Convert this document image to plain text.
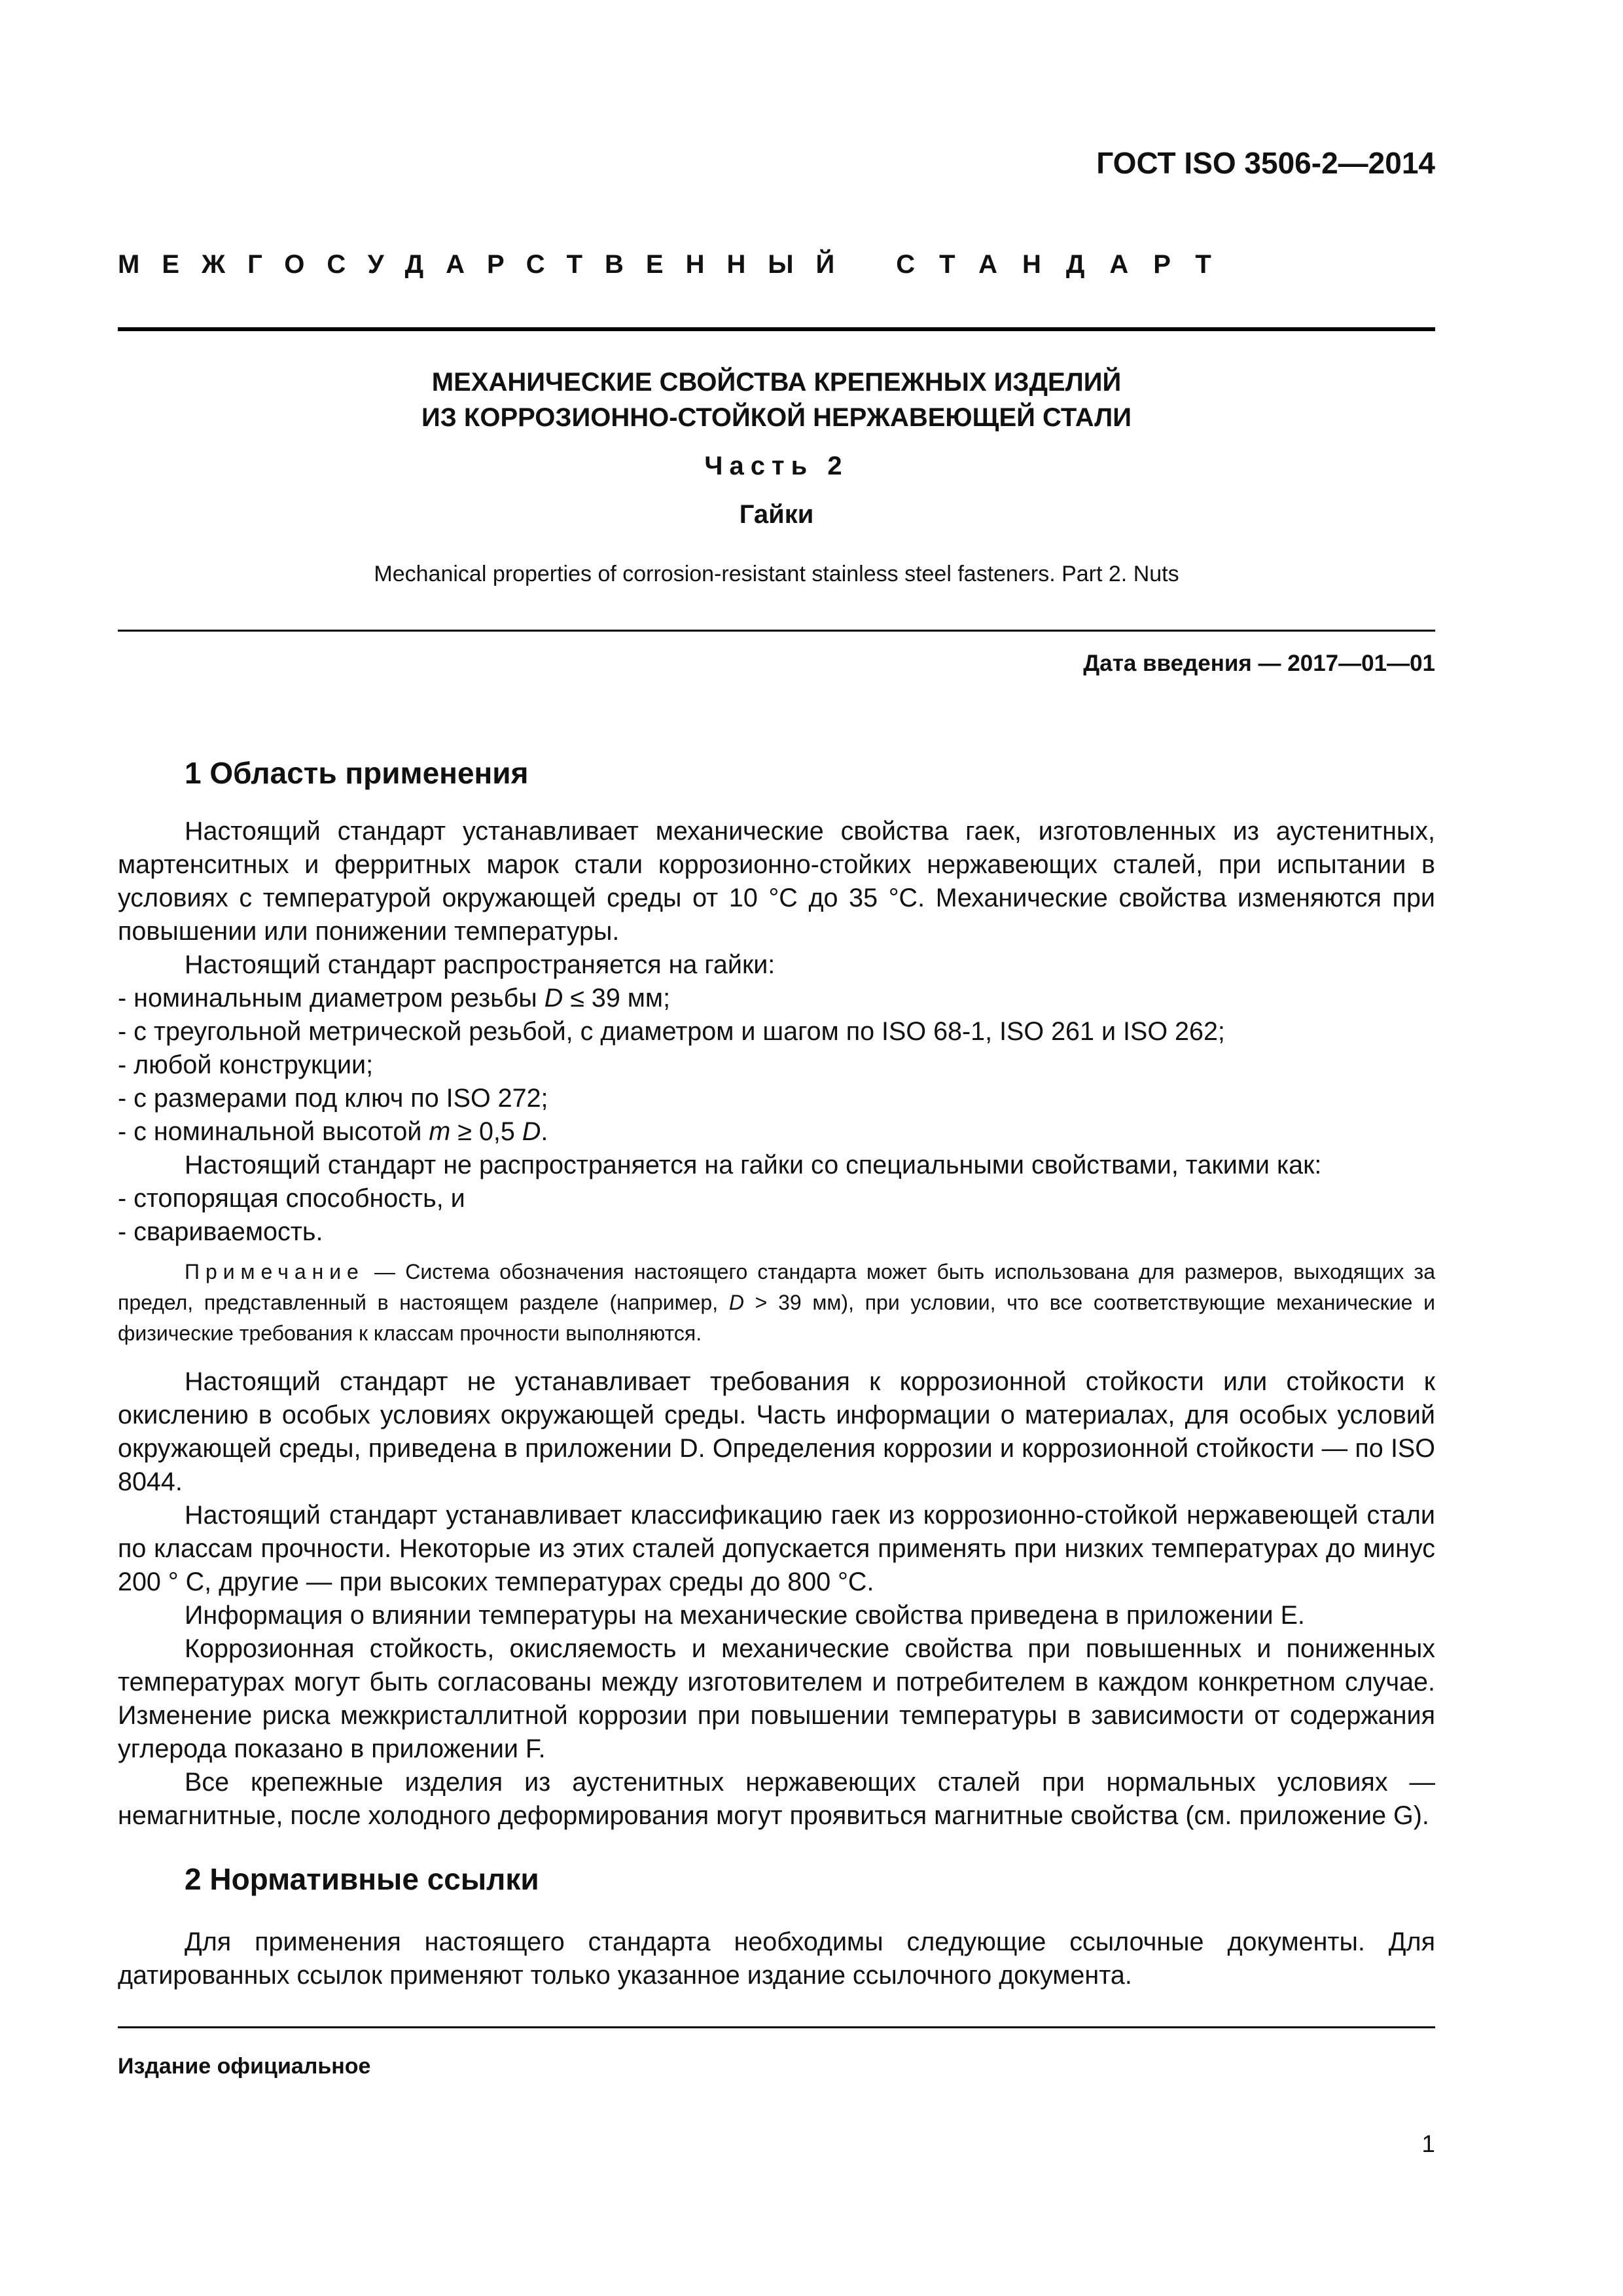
ГОСТ ISO 3506-2—2014
МЕЖГОСУДАРСТВЕННЫЙ СТАНДАРТ
МЕХАНИЧЕСКИЕ СВОЙСТВА КРЕПЕЖНЫХ ИЗДЕЛИЙ
ИЗ КОРРОЗИОННО-СТОЙКОЙ НЕРЖАВЕЮЩЕЙ СТАЛИ
Часть 2
Гайки
Mechanical properties of corrosion-resistant stainless steel fasteners. Part 2. Nuts
Дата введения — 2017—01—01
1 Область применения

Настоящий стандарт устанавливает механические свойства гаек, изготовленных из аустенитных, мартенситных и ферритных марок стали коррозионно-стойких нержавеющих сталей, при испытании в условиях с температурой окружающей среды от 10 °С до 35 °С. Механические свойства изменяются при повышении или понижении температуры.

Настоящий стандарт распространяется на гайки:

- номинальным диаметром резьбы D ≤ 39 мм;

- с треугольной метрической резьбой, с диаметром и шагом по ISO 68-1, ISO 261 и ISO 262;

- любой конструкции;

- с размерами под ключ по ISO 272;

- с номинальной высотой m ≥ 0,5 D.

Настоящий стандарт не распространяется на гайки со специальными свойствами, такими как:

- стопорящая способность, и

- свариваемость.

Примечание — Система обозначения настоящего стандарта может быть использована для размеров, выходящих за предел, представленный в настоящем разделе (например, D > 39 мм), при условии, что все соответствующие механические и физические требования к классам прочности выполняются.

Настоящий стандарт не устанавливает требования к коррозионной стойкости или стойкости к окислению в особых условиях окружающей среды. Часть информации о материалах, для особых условий окружающей среды, приведена в приложении D. Определения коррозии и коррозионной стойкости — по ISO 8044.

Настоящий стандарт устанавливает классификацию гаек из коррозионно-стойкой нержавеющей стали по классам прочности. Некоторые из этих сталей допускается применять при низких температурах до минус 200 ° С, другие — при высоких температурах среды до 800 °С.

Информация о влиянии температуры на механические свойства приведена в приложении Е.

Коррозионная стойкость, окисляемость и механические свойства при повышенных и пониженных температурах могут быть согласованы между изготовителем и потребителем в каждом конкретном случае. Изменение риска межкристаллитной коррозии при повышении температуры в зависимости от содержания углерода показано в приложении F.

Все крепежные изделия из аустенитных нержавеющих сталей при нормальных условиях — немагнитные, после холодного деформирования могут проявиться магнитные свойства (см. приложение G).

2 Нормативные ссылки

Для применения настоящего стандарта необходимы следующие ссылочные документы. Для датированных ссылок применяют только указанное издание ссылочного документа.

Издание официальное
1
